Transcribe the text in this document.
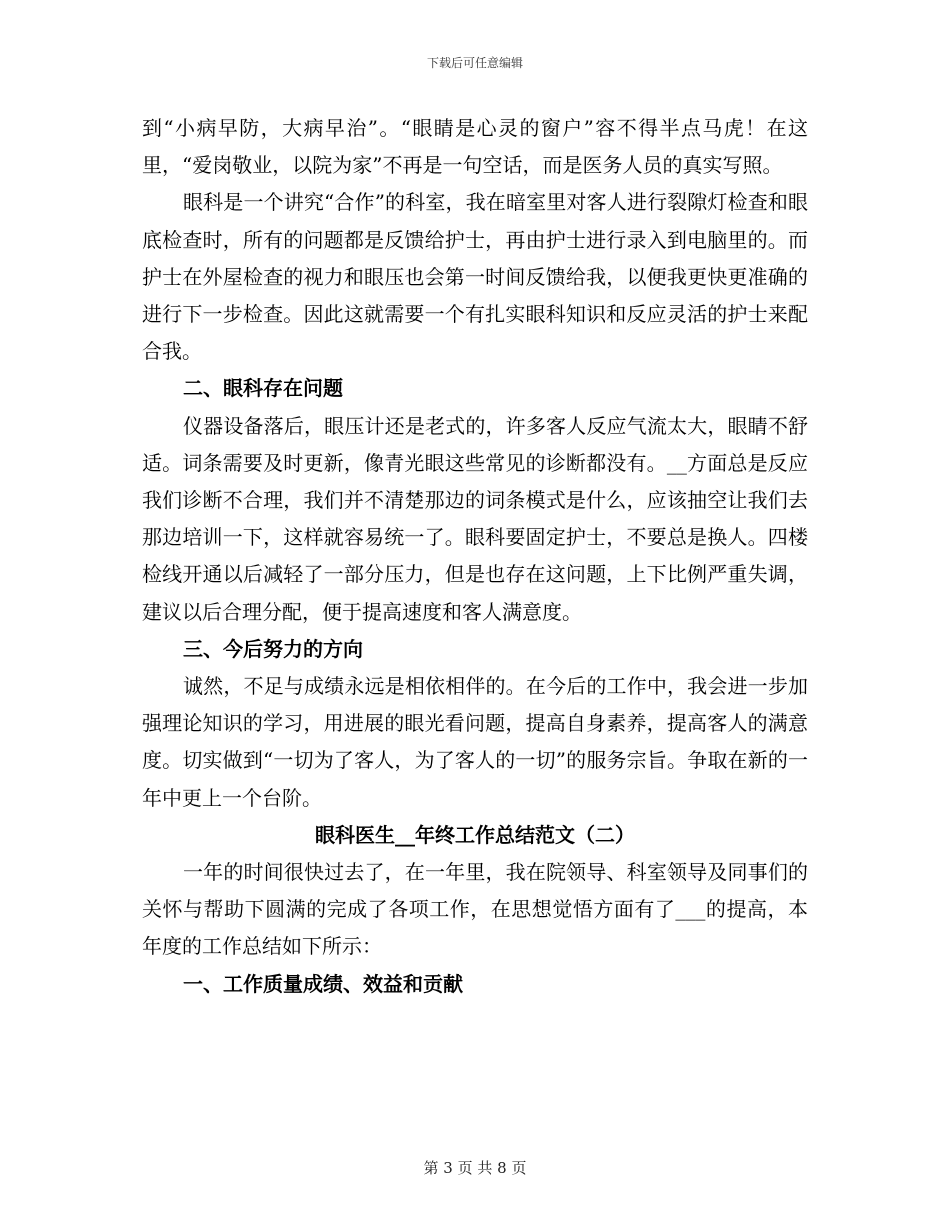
下载后可任意编辑

到“小病早防，大病早治”。“眼睛是心灵的窗户”容不得半点马虎！在这里，“爱岗敬业，以院为家”不再是一句空话，而是医务人员的真实写照。

眼科是一个讲究“合作”的科室，我在暗室里对客人进行裂隙灯检查和眼底检查时，所有的问题都是反馈给护士，再由护士进行录入到电脑里的。而护士在外屋检查的视力和眼压也会第一时间反馈给我，以便我更快更准确的进行下一步检查。因此这就需要一个有扎实眼科知识和反应灵活的护士来配合我。

二、眼科存在问题

仪器设备落后，眼压计还是老式的，许多客人反应气流太大，眼睛不舒适。词条需要及时更新，像青光眼这些常见的诊断都没有。__方面总是反应我们诊断不合理，我们并不清楚那边的词条模式是什么，应该抽空让我们去那边培训一下，这样就容易统一了。眼科要固定护士，不要总是换人。四楼检线开通以后减轻了一部分压力，但是也存在这问题，上下比例严重失调，建议以后合理分配，便于提高速度和客人满意度。

三、今后努力的方向

诚然，不足与成绩永远是相依相伴的。在今后的工作中，我会进一步加强理论知识的学习，用进展的眼光看问题，提高自身素养，提高客人的满意度。切实做到“一切为了客人，为了客人的一切”的服务宗旨。争取在新的一年中更上一个台阶。

眼科医生__年终工作总结范文（二）

一年的时间很快过去了，在一年里，我在院领导、科室领导及同事们的关怀与帮助下圆满的完成了各项工作，在思想觉悟方面有了___的提高，本年度的工作总结如下所示：

一、工作质量成绩、效益和贡献

第 3 页 共 8 页
